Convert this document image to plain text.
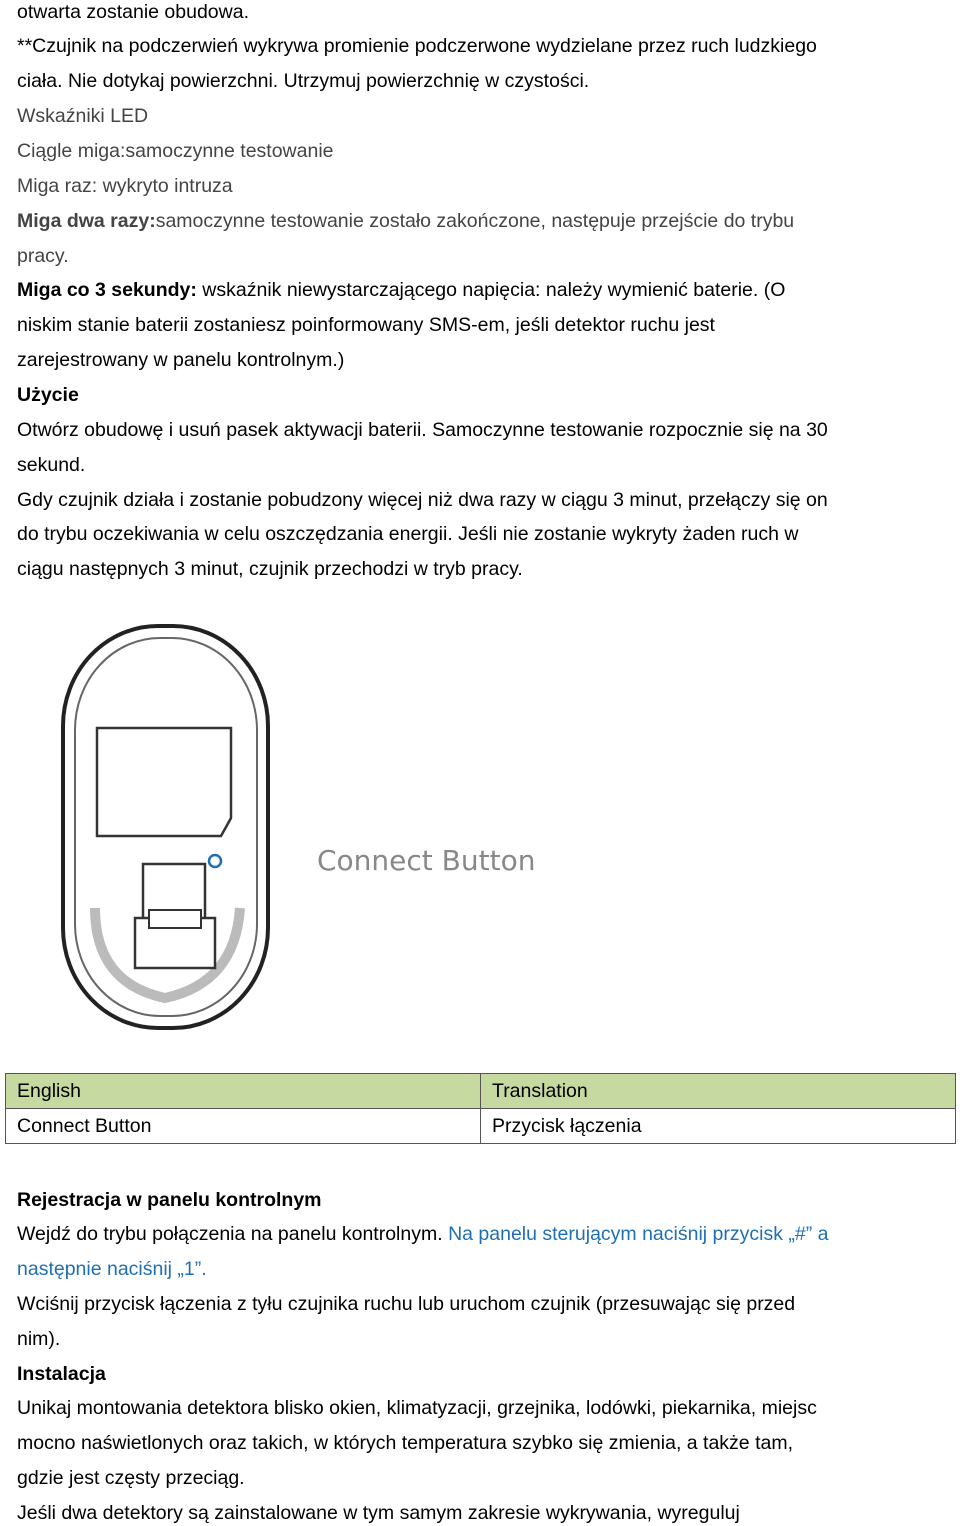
otwarta zostanie obudowa.
**Czujnik na podczerwień wykrywa promienie podczerwone wydzielane przez ruch ludzkiego
ciała. Nie dotykaj powierzchni. Utrzymuj powierzchnię w czystości.
Wskaźniki LED
Ciągle miga:samoczynne testowanie
Miga raz: wykryto intruza
Miga dwa razy:samoczynne testowanie zostało zakończone, następuje przejście do trybu
pracy.
Miga co 3 sekundy: wskaźnik niewystarczającego napięcia: należy wymienić baterie. (O
niskim stanie baterii zostaniesz poinformowany SMS-em, jeśli detektor ruchu jest
zarejestrowany w panelu kontrolnym.)
Użycie
Otwórz obudowę i usuń pasek aktywacji baterii. Samoczynne testowanie rozpocznie się na 30
sekund.
Gdy czujnik działa i zostanie pobudzony więcej niż dwa razy w ciągu 3 minut, przełączy się on
do trybu oczekiwania w celu oszczędzania energii. Jeśli nie zostanie wykryty żaden ruch w
ciągu następnych 3 minut, czujnik przechodzi w tryb pracy.
Rejestracja w panelu kontrolnym
Wejdź do trybu połączenia na panelu kontrolnym. Na panelu sterującym naciśnij przycisk „#” a
następnie naciśnij „1”.
Wciśnij przycisk łączenia z tyłu czujnika ruchu lub uruchom czujnik (przesuwając się przed
nim).
Instalacja
Unikaj montowania detektora blisko okien, klimatyzacji, grzejnika, lodówki, piekarnika, miejsc
mocno naświetlonych oraz takich, w których temperatura szybko się zmienia, a także tam,
gdzie jest częsty przeciąg.
Jeśli dwa detektory są zainstalowane w tym samym zakresie wykrywania, wyreguluj
Connect Button
English	Translation
Connect Button	Przycisk łączenia
